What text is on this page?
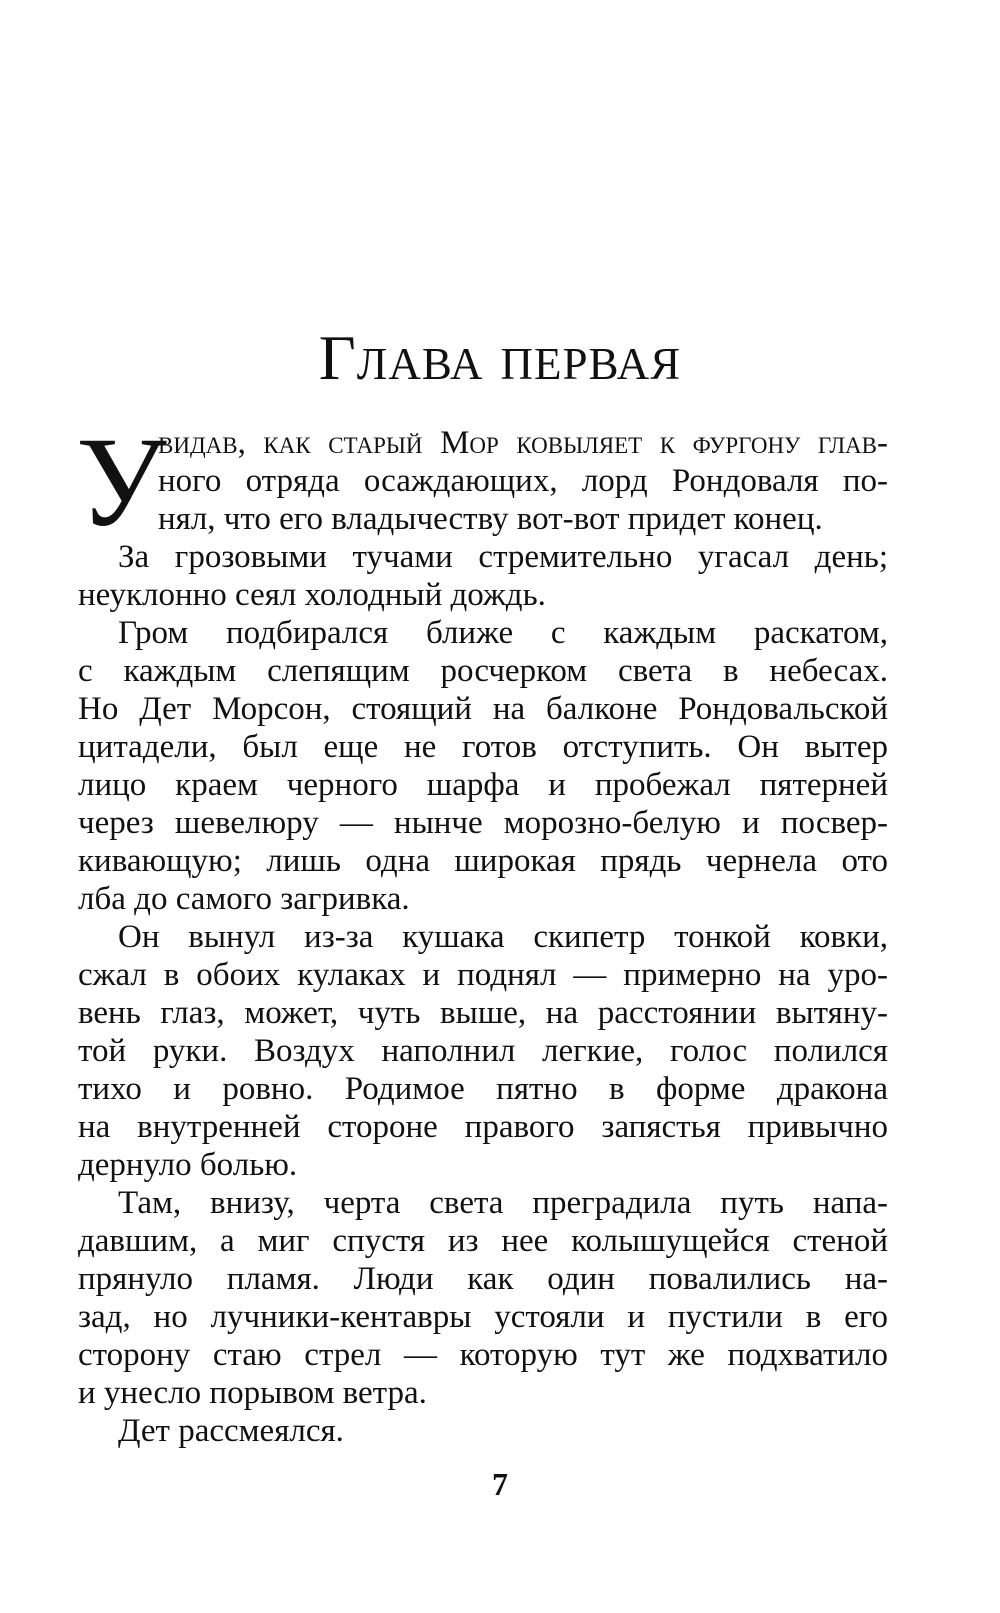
Глава первая
У
видав, как старый Мор ковыляет к фургону глав-
ного отряда осаждающих, лорд Рондоваля по-
нял, что его владычеству вот-вот придет конец.
За грозовыми тучами стремительно угасал день;
неуклонно сеял холодный дождь.
Гром подбирался ближе с каждым раскатом,
с каждым слепящим росчерком света в небесах.
Но Дет Морсон, стоящий на балконе Рондовальской
цитадели, был еще не готов отступить. Он вытер
лицо краем черного шарфа и пробежал пятерней
через шевелюру — нынче морозно-белую и посвер-
кивающую; лишь одна широкая прядь чернела ото
лба до самого загривка.
Он вынул из-за кушака скипетр тонкой ковки,
сжал в обоих кулаках и поднял — примерно на уро-
вень глаз, может, чуть выше, на расстоянии вытяну-
той руки. Воздух наполнил легкие, голос полился
тихо и ровно. Родимое пятно в форме дракона
на внутренней стороне правого запястья привычно
дернуло болью.
Там, внизу, черта света преградила путь напа-
давшим, а миг спустя из нее колышущейся стеной
прянуло пламя. Люди как один повалились на-
зад, но лучники-кентавры устояли и пустили в его
сторону стаю стрел — которую тут же подхватило
и унесло порывом ветра.
Дет рассмеялся.
7
